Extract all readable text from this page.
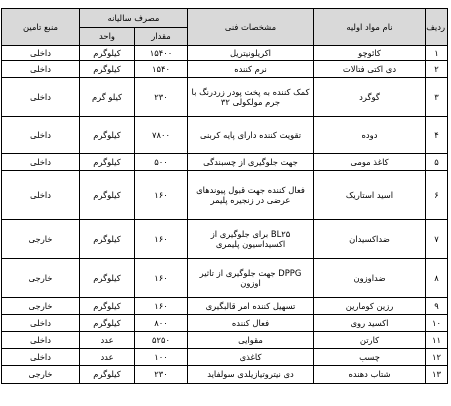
ردیف	نام مواد اولیه	مشخصات فنی	مصرف سالیانه		منبع تامین
			مقدار	واحد	
۱	کائوچو	اکریلونیتریل	۱۵۴۰۰	کیلوگرم	داخلی
۲	دی اکتی فتالات	نرم کننده	۱۵۴۰	کیلوگرم	داخلی
۳	گوگرد	کمک کننده به پخت پودر زردرنگ با جرم مولکولی ۳۲	۲۳۰	کیلو گرم	داخلی
۴	دوده	تقویت کننده دارای پایه کربنی	۷۸۰۰	کیلوگرم	داخلی
۵	کاغذ مومی	جهت جلوگیری از چسبندگی	۵۰۰	کیلوگرم	داخلی
۶	اسید استاریک	فعال کننده جهت قبول پیوندهای عرضی در زنجیره پلیمر	۱۶۰	کیلوگرم	داخلی
۷	ضداکسیدان	BL۲۵ برای جلوگیری از اکسیداسیون پلیمری	۱۶۰	کیلوگرم	خارجی
۸	ضداوزون	DPPG جهت جلوگیری از تاثیر اوزون	۱۶۰	کیلوگرم	خارجی
۹	رزین کومارین	تسهیل کننده امر قالبگیری	۱۶۰	کیلوگرم	خارجی
۱۰	اکسید روی	فعال کننده	۸۰۰	کیلوگرم	داخلی
۱۱	کارتن	مقوایی	۵۲۵۰	عدد	داخلی
۱۲	چسب	کاغذی	۱۰۰	عدد	داخلی
۱۳	شتاب دهنده	دی نیتروتیازیلدی سولفاید	۲۳۰	کیلوگرم	خارجی
